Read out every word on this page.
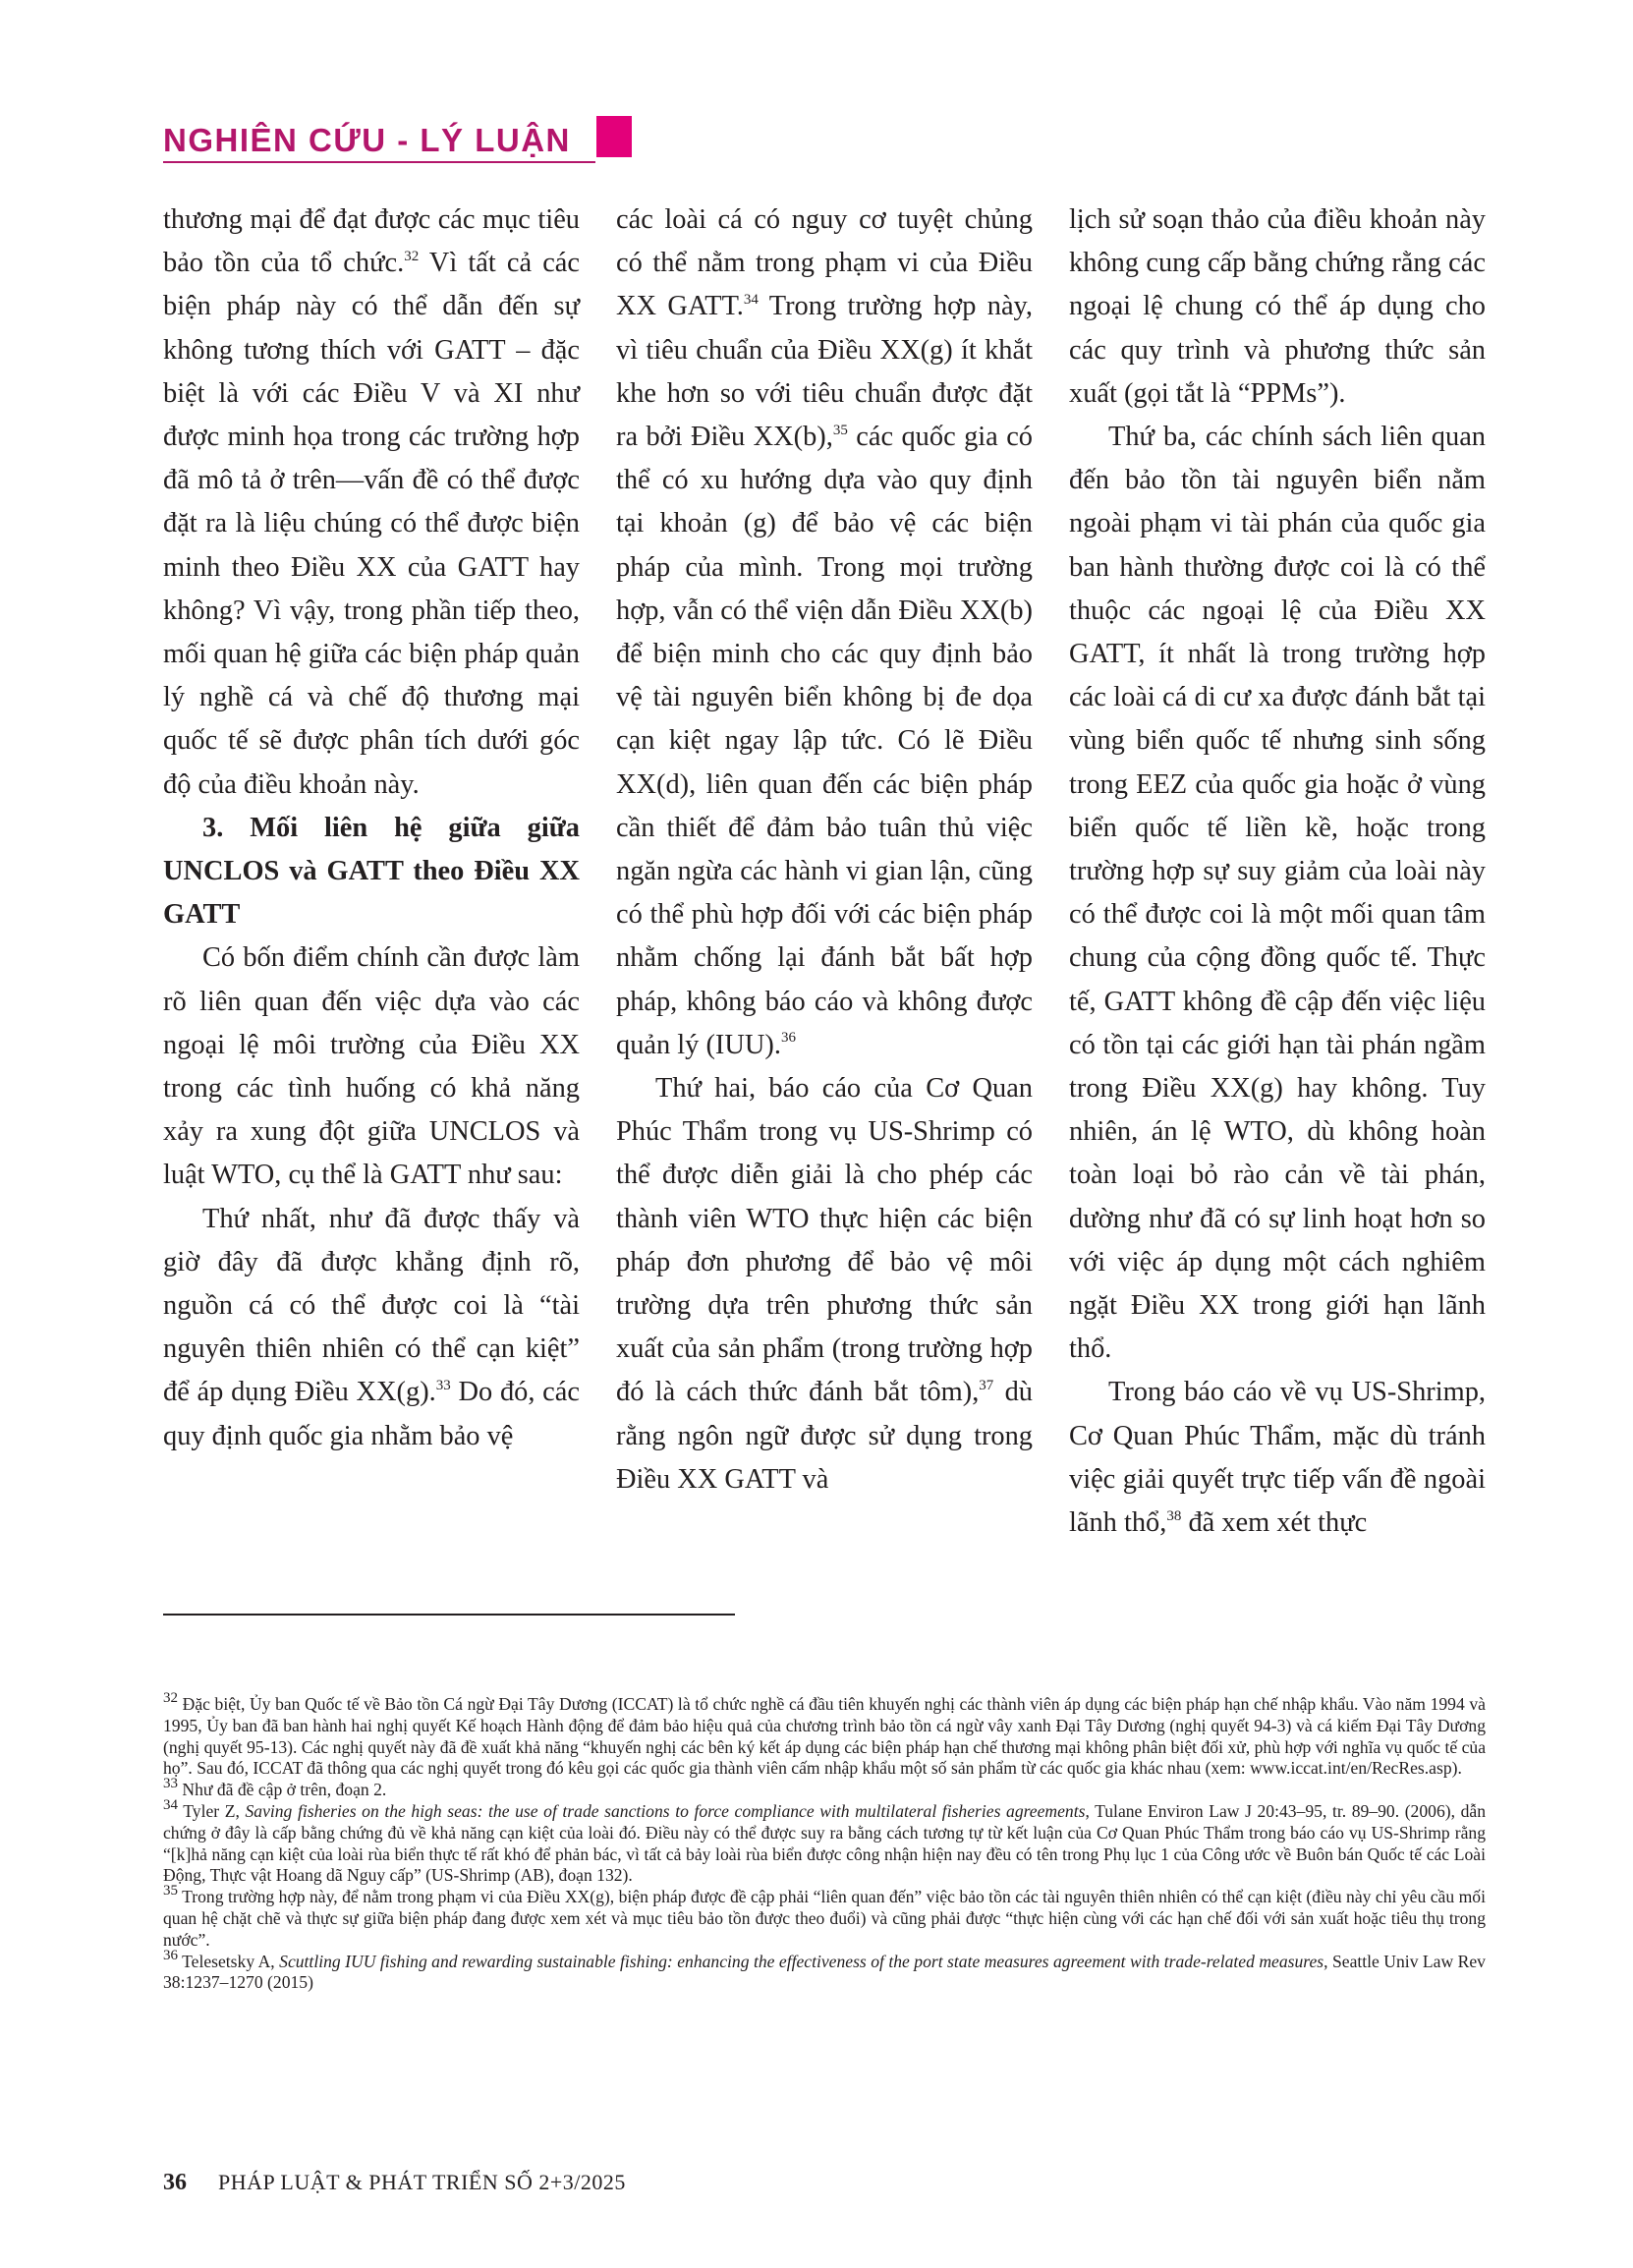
NGHIÊN CỨU - LÝ LUẬN

thương mại để đạt được các mục tiêu bảo tồn của tổ chức.$^{32}$ Vì tất cả các biện pháp này có thể dẫn đến sự không tương thích với GATT – đặc biệt là với các Điều V và XI như được minh họa trong các trường hợp đã mô tả ở trên—vấn đề có thể được đặt ra là liệu chúng có thể được biện minh theo Điều XX của GATT hay không? Vì vậy, trong phần tiếp theo, mối quan hệ giữa các biện pháp quản lý nghề cá và chế độ thương mại quốc tế sẽ được phân tích dưới góc độ của điều khoản này.

3. Mối liên hệ giữa giữa UNCLOS và GATT theo Điều XX GATT

Có bốn điểm chính cần được làm rõ liên quan đến việc dựa vào các ngoại lệ môi trường của Điều XX trong các tình huống có khả năng xảy ra xung đột giữa UNCLOS và luật WTO, cụ thể là GATT như sau:

Thứ nhất, như đã được thấy và giờ đây đã được khẳng định rõ, nguồn cá có thể được coi là “tài nguyên thiên nhiên có thể cạn kiệt” để áp dụng Điều XX(g).$^{33}$ Do đó, các quy định quốc gia nhằm bảo vệ

các loài cá có nguy cơ tuyệt chủng có thể nằm trong phạm vi của Điều XX GATT.$^{34}$ Trong trường hợp này, vì tiêu chuẩn của Điều XX(g) ít khắt khe hơn so với tiêu chuẩn được đặt ra bởi Điều XX(b),$^{35}$ các quốc gia có thể có xu hướng dựa vào quy định tại khoản (g) để bảo vệ các biện pháp của mình. Trong mọi trường hợp, vẫn có thể viện dẫn Điều XX(b) để biện minh cho các quy định bảo vệ tài nguyên biển không bị đe dọa cạn kiệt ngay lập tức. Có lẽ Điều XX(d), liên quan đến các biện pháp cần thiết để đảm bảo tuân thủ việc ngăn ngừa các hành vi gian lận, cũng có thể phù hợp đối với các biện pháp nhằm chống lại đánh bắt bất hợp pháp, không báo cáo và không được quản lý (IUU).$^{36}$

Thứ hai, báo cáo của Cơ Quan Phúc Thẩm trong vụ US-Shrimp có thể được diễn giải là cho phép các thành viên WTO thực hiện các biện pháp đơn phương để bảo vệ môi trường dựa trên phương thức sản xuất của sản phẩm (trong trường hợp đó là cách thức đánh bắt tôm),$^{37}$ dù rằng ngôn ngữ được sử dụng trong Điều XX GATT và

lịch sử soạn thảo của điều khoản này không cung cấp bằng chứng rằng các ngoại lệ chung có thể áp dụng cho các quy trình và phương thức sản xuất (gọi tắt là “PPMs”).

Thứ ba, các chính sách liên quan đến bảo tồn tài nguyên biển nằm ngoài phạm vi tài phán của quốc gia ban hành thường được coi là có thể thuộc các ngoại lệ của Điều XX GATT, ít nhất là trong trường hợp các loài cá di cư xa được đánh bắt tại vùng biển quốc tế nhưng sinh sống trong EEZ của quốc gia hoặc ở vùng biển quốc tế liền kề, hoặc trong trường hợp sự suy giảm của loài này có thể được coi là một mối quan tâm chung của cộng đồng quốc tế. Thực tế, GATT không đề cập đến việc liệu có tồn tại các giới hạn tài phán ngầm trong Điều XX(g) hay không. Tuy nhiên, án lệ WTO, dù không hoàn toàn loại bỏ rào cản về tài phán, dường như đã có sự linh hoạt hơn so với việc áp dụng một cách nghiêm ngặt Điều XX trong giới hạn lãnh thổ.

Trong báo cáo về vụ US-Shrimp, Cơ Quan Phúc Thẩm, mặc dù tránh việc giải quyết trực tiếp vấn đề ngoài lãnh thổ,$^{38}$ đã xem xét thực

$^{32}$ Đặc biệt, Ủy ban Quốc tế về Bảo tồn Cá ngừ Đại Tây Dương (ICCAT) là tổ chức nghề cá đầu tiên khuyến nghị các thành viên áp dụng các biện pháp hạn chế nhập khẩu. Vào năm 1994 và 1995, Ủy ban đã ban hành hai nghị quyết Kế hoạch Hành động để đảm bảo hiệu quả của chương trình bảo tồn cá ngừ vây xanh Đại Tây Dương (nghị quyết 94-3) và cá kiếm Đại Tây Dương (nghị quyết 95-13). Các nghị quyết này đã đề xuất khả năng “khuyến nghị các bên ký kết áp dụng các biện pháp hạn chế thương mại không phân biệt đối xử, phù hợp với nghĩa vụ quốc tế của họ”. Sau đó, ICCAT đã thông qua các nghị quyết trong đó kêu gọi các quốc gia thành viên cấm nhập khẩu một số sản phẩm từ các quốc gia khác nhau (xem: www.iccat.int/en/RecRes.asp).

$^{33}$ Như đã đề cập ở trên, đoạn 2.

$^{34}$ Tyler Z, Saving fisheries on the high seas: the use of trade sanctions to force compliance with multilateral fisheries agreements, Tulane Environ Law J 20:43–95, tr. 89–90. (2006), dẫn chứng ở đây là cấp bằng chứng đủ về khả năng cạn kiệt của loài đó. Điều này có thể được suy ra bằng cách tương tự từ kết luận của Cơ Quan Phúc Thẩm trong báo cáo vụ US-Shrimp rằng “[k]hả năng cạn kiệt của loài rùa biển thực tế rất khó để phản bác, vì tất cả bảy loài rùa biển được công nhận hiện nay đều có tên trong Phụ lục 1 của Công ước về Buôn bán Quốc tế các Loài Động, Thực vật Hoang dã Nguy cấp” (US-Shrimp (AB), đoạn 132).

$^{35}$ Trong trường hợp này, để nằm trong phạm vi của Điều XX(g), biện pháp được đề cập phải “liên quan đến” việc bảo tồn các tài nguyên thiên nhiên có thể cạn kiệt (điều này chỉ yêu cầu mối quan hệ chặt chẽ và thực sự giữa biện pháp đang được xem xét và mục tiêu bảo tồn được theo đuổi) và cũng phải được “thực hiện cùng với các hạn chế đối với sản xuất hoặc tiêu thụ trong nước”.

$^{36}$ Telesetsky A, Scuttling IUU fishing and rewarding sustainable fishing: enhancing the effectiveness of the port state measures agreement with trade-related measures, Seattle Univ Law Rev 38:1237–1270 (2015)

36 PHÁP LUẬT & PHÁT TRIỂN SỐ 2+3/2025
